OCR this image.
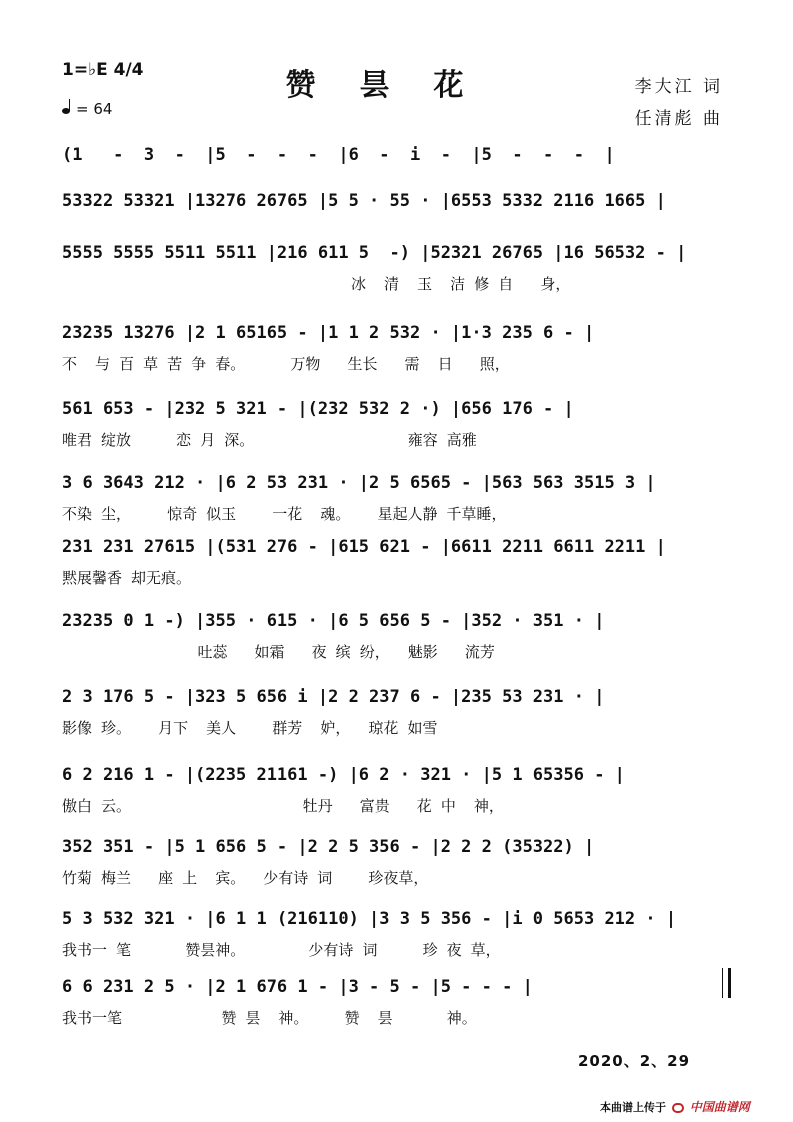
1=♭E 4/4
= 64
赞昙花	李大江 词
任清彪 曲
(1   -  3  -  |5  -  -  -  |6  -  i  -  |5  -  -  -  |
53322 53321 |13276 26765 |5 5 · 55 · |6553 5332 2116 1665 |
5555 5555 5511 5511 |216 611 5  -) |52321 26765 |16 56532 - |
冰  清  玉  洁 修 自   身，
23235 13276 |2 1 65165 - |1 1 2 532 · |1·3 235 6 - |
不  与 百 草 苦 争 春。     万物   生长   需  日   照，
561 653 - |232 5 321 - |(232 532 2 ·) |656 176 - |
唯君 绽放     恋 月 深。                 雍容 高雅
3 6 3643 212 · |6 2 53 231 · |2 5 6565 - |563 563 3515 3 |
不染 尘，    惊奇 似玉    一花  魂。   星起人静 千草睡，
231 231 27615 |(531 276 - |615 621 - |6611 2211 6611 2211 |
黙展馨香 却无痕。
23235 0 1 -) |355 · 615 · |6 5 656 5 - |352 · 351 · |
吐蕊   如霜   夜 缤 纷，  魅影   流芳
2 3 176 5 - |323 5 656 i |2 2 237 6 - |235 53 231 · |
影像 珍。   月下  美人    群芳  妒，  琼花 如雪
6 2 216 1 - |(2235 21161 -) |6 2 · 321 · |5 1 65356 - |
傲白 云。                   牡丹   富贵   花 中  神，
352 351 - |5 1 656 5 - |2 2 5 356 - |2 2 2 (35322) |
竹菊 梅兰   座 上  宾。  少有诗 词    珍夜草，
5 3 532 321 · |6 1 1 (216110) |3 3 5 356 - |i 0 5653 212 · |
我书一 笔      赞昙神。       少有诗 词     珍 夜 草，
6 6 231 2 5 · |2 1 676 1 - |3 - 5 - |5 - - - |
我书一笔           赞 昙  神。    赞  昙      神。
2020、2、29
本曲谱上传于 中国曲谱网
